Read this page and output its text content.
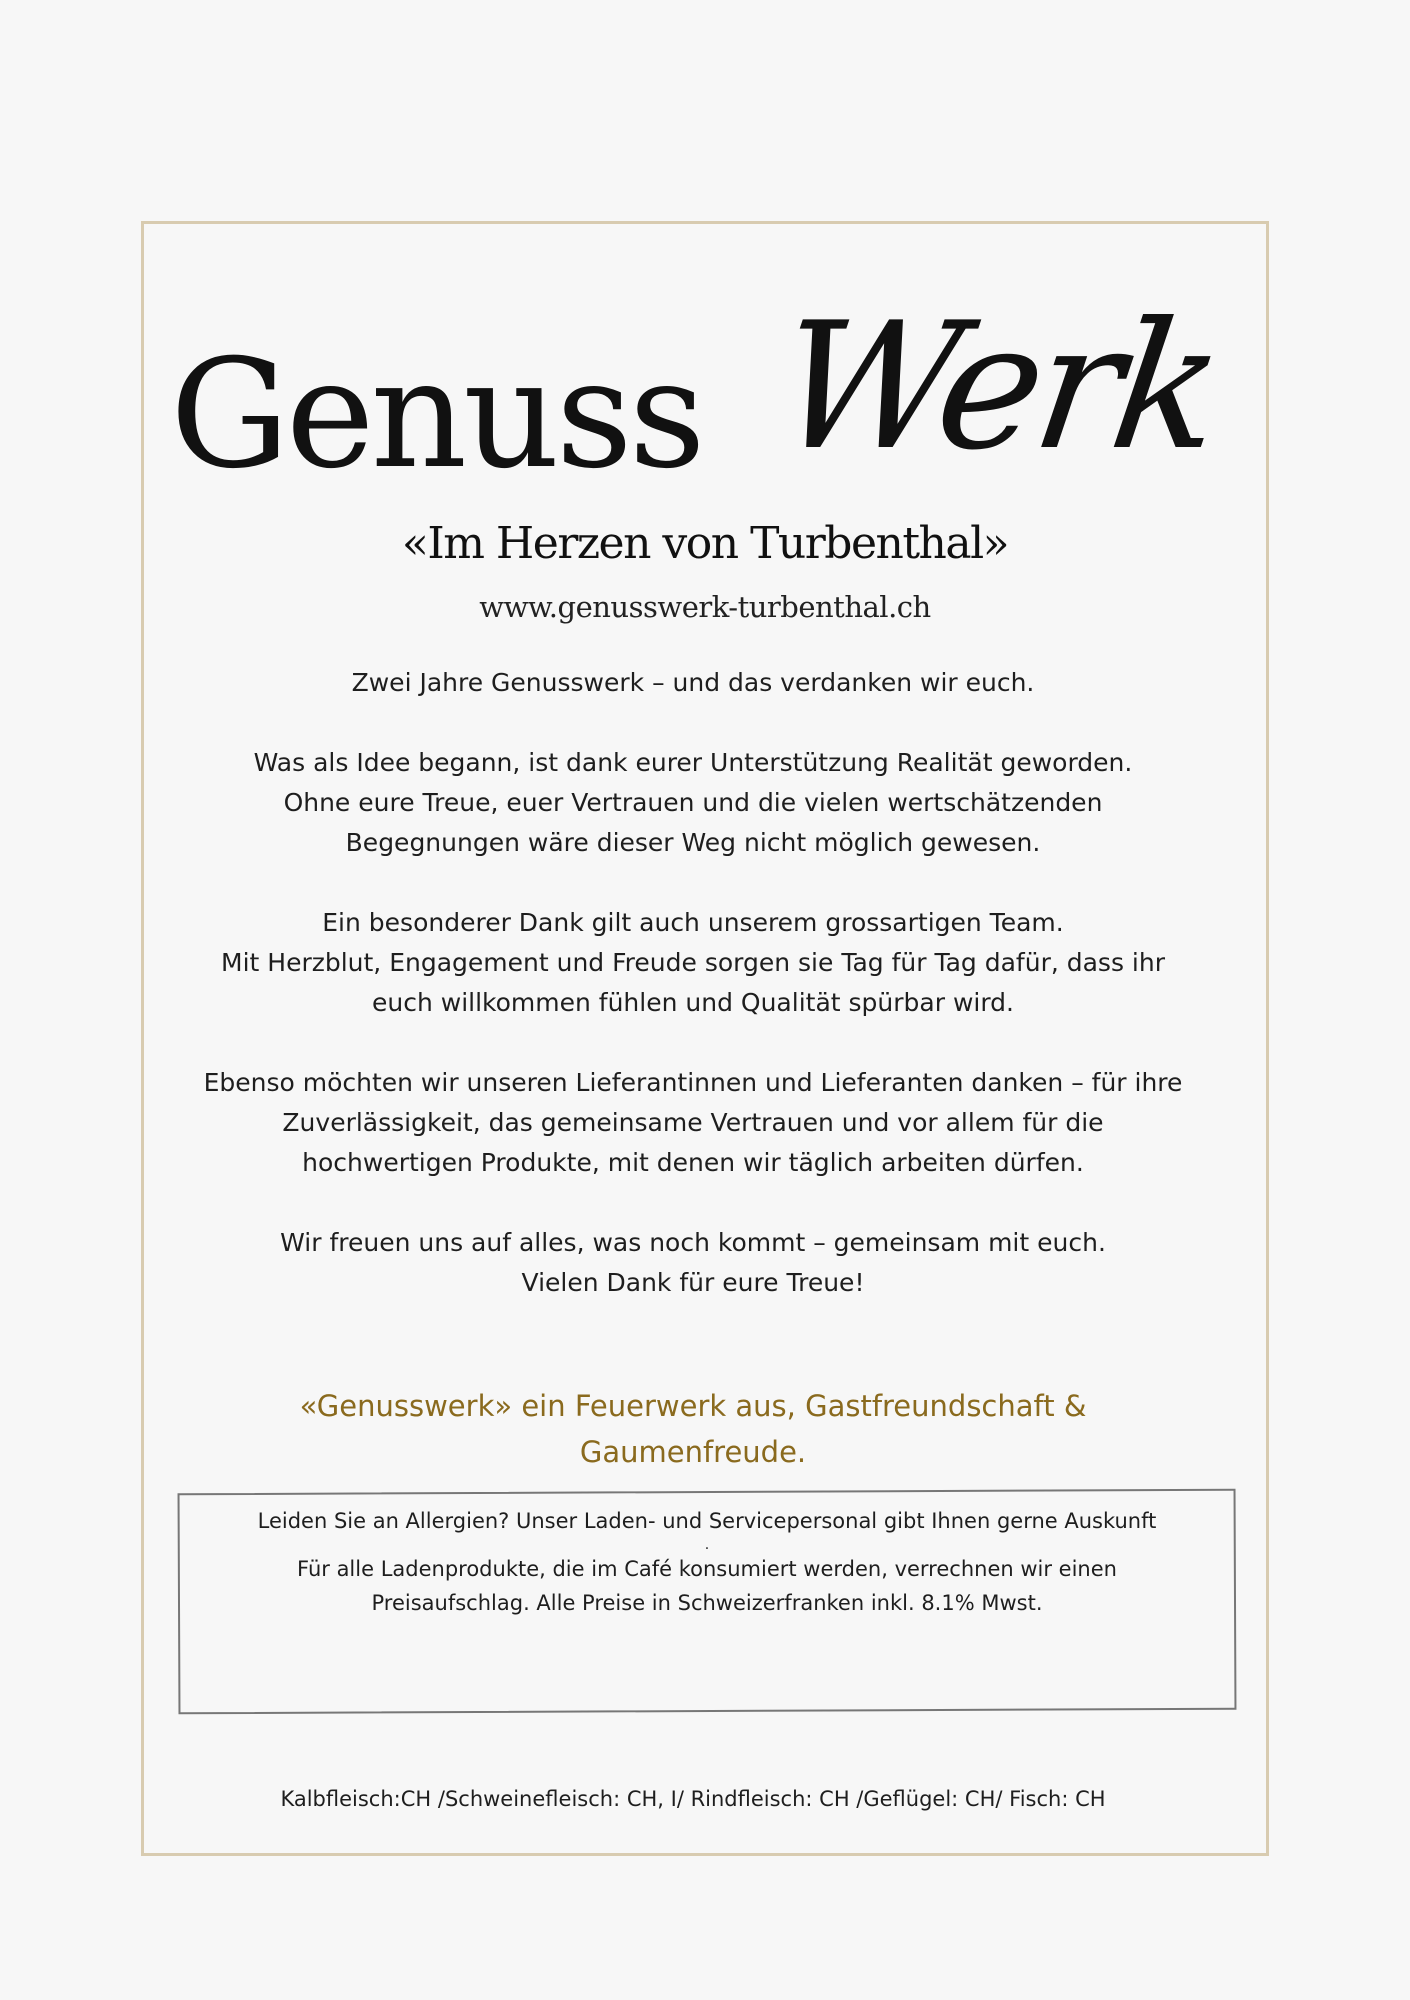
Genuss Werk
«Im Herzen von Turbenthal»
www.genusswerk-turbenthal.ch

Zwei Jahre Genusswerk – und das verdanken wir euch.

Was als Idee begann, ist dank eurer Unterstützung Realität geworden.
Ohne eure Treue, euer Vertrauen und die vielen wertschätzenden
Begegnungen wäre dieser Weg nicht möglich gewesen.

Ein besonderer Dank gilt auch unserem grossartigen Team.
Mit Herzblut, Engagement und Freude sorgen sie Tag für Tag dafür, dass ihr
euch willkommen fühlen und Qualität spürbar wird.

Ebenso möchten wir unseren Lieferantinnen und Lieferanten danken – für ihre
Zuverlässigkeit, das gemeinsame Vertrauen und vor allem für die
hochwertigen Produkte, mit denen wir täglich arbeiten dürfen.

Wir freuen uns auf alles, was noch kommt – gemeinsam mit euch.
Vielen Dank für eure Treue!

«Genusswerk» ein Feuerwerk aus, Gastfreundschaft &
Gaumenfreude.
Leiden Sie an Allergien? Unser Laden- und Servicepersonal gibt Ihnen gerne Auskunft
.
Für alle Ladenprodukte, die im Café konsumiert werden, verrechnen wir einen
Preisaufschlag. Alle Preise in Schweizerfranken inkl. 8.1% Mwst.
Kalbfleisch:CH /Schweinefleisch: CH, I/ Rindfleisch: CH /Geflügel: CH/ Fisch: CH
